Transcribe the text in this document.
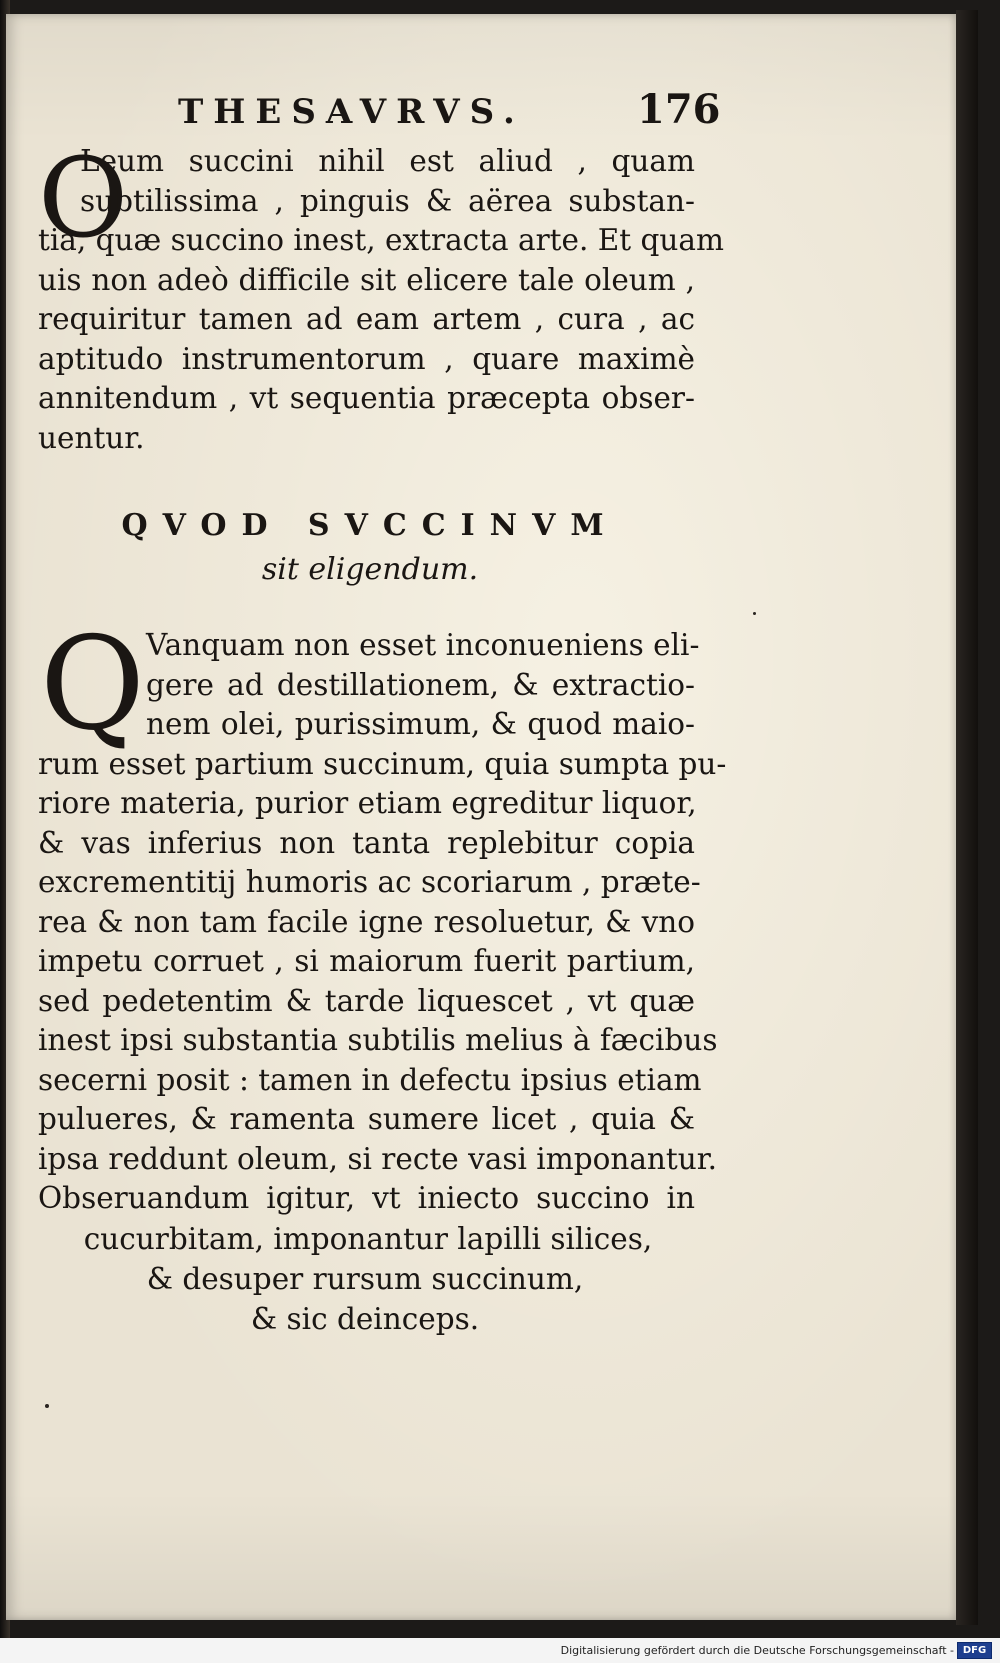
THESAVRVS.	176
O
Leum succini nihil est aliud , quam
subtilissima , pinguis & aërea substan-
tia, quæ succino inest, extracta arte. Et quam
uis non adeò difficile sit elicere tale oleum ,
requiritur tamen ad eam artem , cura , ac
aptitudo instrumentorum , quare maximè
annitendum , vt sequentia præcepta obser-
uentur.
QVOD SVCCINVM
sit eligendum.
Q Vanquam non esset inconueniens eli-
gere ad destillationem, & extractio-
nem olei, purissimum, & quod maio-
rum esset partium succinum, quia sumpta pu-
riore materia, purior etiam egreditur liquor,
& vas inferius non tanta replebitur copia
excrementitij humoris ac scoriarum , præte-
rea & non tam facile igne resoluetur, & vno
impetu corruet , si maiorum fuerit partium,
sed pedetentim & tarde liquescet , vt quæ
inest ipsi substantia subtilis melius à fæcibus
secerni posit : tamen in defectu ipsius etiam
pulueres, & ramenta sumere licet , quia &
ipsa reddunt oleum, si recte vasi imponantur.
Obseruandum igitur, vt iniecto succino in
cucurbitam, imponantur lapilli silices,
& desuper rursum succinum,
& sic deinceps.
Digitalisierung gefördert durch die Deutsche Forschungsgemeinschaft - DFG
